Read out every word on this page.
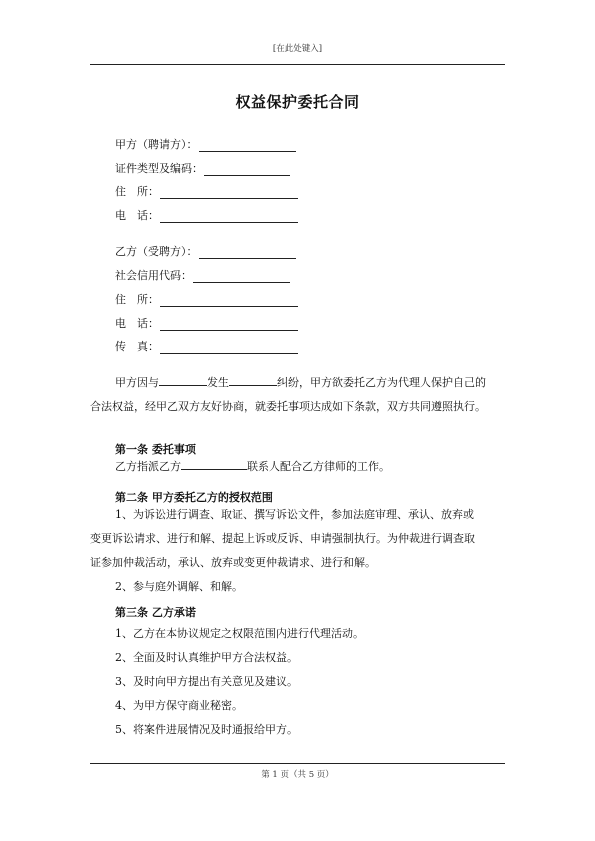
[在此处键入]
权益保护委托合同
甲方（聘请方）：
证件类型及编码：
住　所：
电　话：
乙方（受聘方）：
社会信用代码：
住　所：
电　话：
传　真：
甲方因与	发生	纠纷，甲方欲委托乙方为代理人保护自己的
合法权益，经甲乙双方友好协商，就委托事项达成如下条款，双方共同遵照执行。
第一条 委托事项
乙方指派乙方	联系人配合乙方律师的工作。
第二条 甲方委托乙方的授权范围
1、为诉讼进行调查、取证、撰写诉讼文件，参加法庭审理、承认、放弃或
变更诉讼请求、进行和解、提起上诉或反诉、申请强制执行。为仲裁进行调查取
证参加仲裁活动，承认、放弃或变更仲裁请求、进行和解。
2、参与庭外调解、和解。
第三条 乙方承诺
1、乙方在本协议规定之权限范围内进行代理活动。
2、全面及时认真维护甲方合法权益。
3、及时向甲方提出有关意见及建议。
4、为甲方保守商业秘密。
5、将案件进展情况及时通报给甲方。
第 1 页（共 5 页）
